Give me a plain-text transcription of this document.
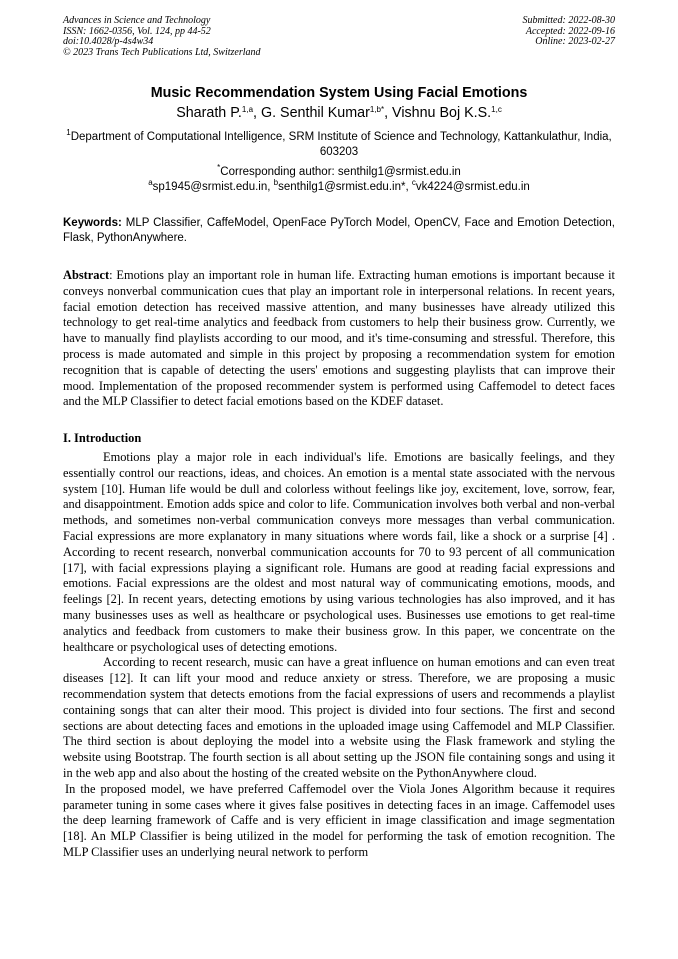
Advances in Science and Technology
ISSN: 1662-0356, Vol. 124, pp 44-52
doi:10.4028/p-4s4w34
© 2023 Trans Tech Publications Ltd, Switzerland
Submitted: 2022-08-30
Accepted: 2022-09-16
Online: 2023-02-27
Music Recommendation System Using Facial Emotions
Sharath P.$^{1,a}$, G. Senthil Kumar$^{1,b*}$, Vishnu Boj K.S.$^{1,c}$
$^1$Department of Computational Intelligence, SRM Institute of Science and Technology, Kattankulathur, India, 603203
*Corresponding author: senthilg1@srmist.edu.in
$^a$sp1945@srmist.edu.in, $^b$senthilg1@srmist.edu.in*, $^c$vk4224@srmist.edu.in
Keywords: MLP Classifier, CaffeModel, OpenFace PyTorch Model, OpenCV, Face and Emotion Detection, Flask, PythonAnywhere.
Abstract: Emotions play an important role in human life. Extracting human emotions is important because it conveys nonverbal communication cues that play an important role in interpersonal relations. In recent years, facial emotion detection has received massive attention, and many businesses have already utilized this technology to get real-time analytics and feedback from customers to help their business grow. Currently, we have to manually find playlists according to our mood, and it's time-consuming and stressful. Therefore, this process is made automated and simple in this project by proposing a recommendation system for emotion recognition that is capable of detecting the users' emotions and suggesting playlists that can improve their mood. Implementation of the proposed recommender system is performed using Caffemodel to detect faces and the MLP Classifier to detect facial emotions based on the KDEF dataset.
I. Introduction

Emotions play a major role in each individual's life. Emotions are basically feelings, and they essentially control our reactions, ideas, and choices. An emotion is a mental state associated with the nervous system [10]. Human life would be dull and colorless without feelings like joy, excitement, love, sorrow, fear, and disappointment. Emotion adds spice and color to life. Communication involves both verbal and non-verbal methods, and sometimes non-verbal communication conveys more messages than verbal communication. Facial expressions are more explanatory in many situations where words fail, like a shock or a surprise [4] . According to recent research, nonverbal communication accounts for 70 to 93 percent of all communication [17], with facial expressions playing a significant role. Humans are good at reading facial expressions and emotions. Facial expressions are the oldest and most natural way of communicating emotions, moods, and feelings [2]. In recent years, detecting emotions by using various technologies has also improved, and it has many businesses uses as well as healthcare or psychological uses. Businesses use emotions to get real-time analytics and feedback from customers to make their business grow. In this paper, we concentrate on the healthcare or psychological uses of detecting emotions.

According to recent research, music can have a great influence on human emotions and can even treat diseases [12]. It can lift your mood and reduce anxiety or stress. Therefore, we are proposing a music recommendation system that detects emotions from the facial expressions of users and recommends a playlist containing songs that can alter their mood. This project is divided into four sections. The first and second sections are about detecting faces and emotions in the uploaded image using Caffemodel and MLP Classifier. The third section is about deploying the model into a website using the Flask framework and styling the website using Bootstrap. The fourth section is all about setting up the JSON file containing songs and using it in the web app and also about the hosting of the created website on the PythonAnywhere cloud.

In the proposed model, we have preferred Caffemodel over the Viola Jones Algorithm because it requires parameter tuning in some cases where it gives false positives in detecting faces in an image. Caffemodel uses the deep learning framework of Caffe and is very efficient in image classification and image segmentation [18]. An MLP Classifier is being utilized in the model for performing the task of emotion recognition. The MLP Classifier uses an underlying neural network to perform
